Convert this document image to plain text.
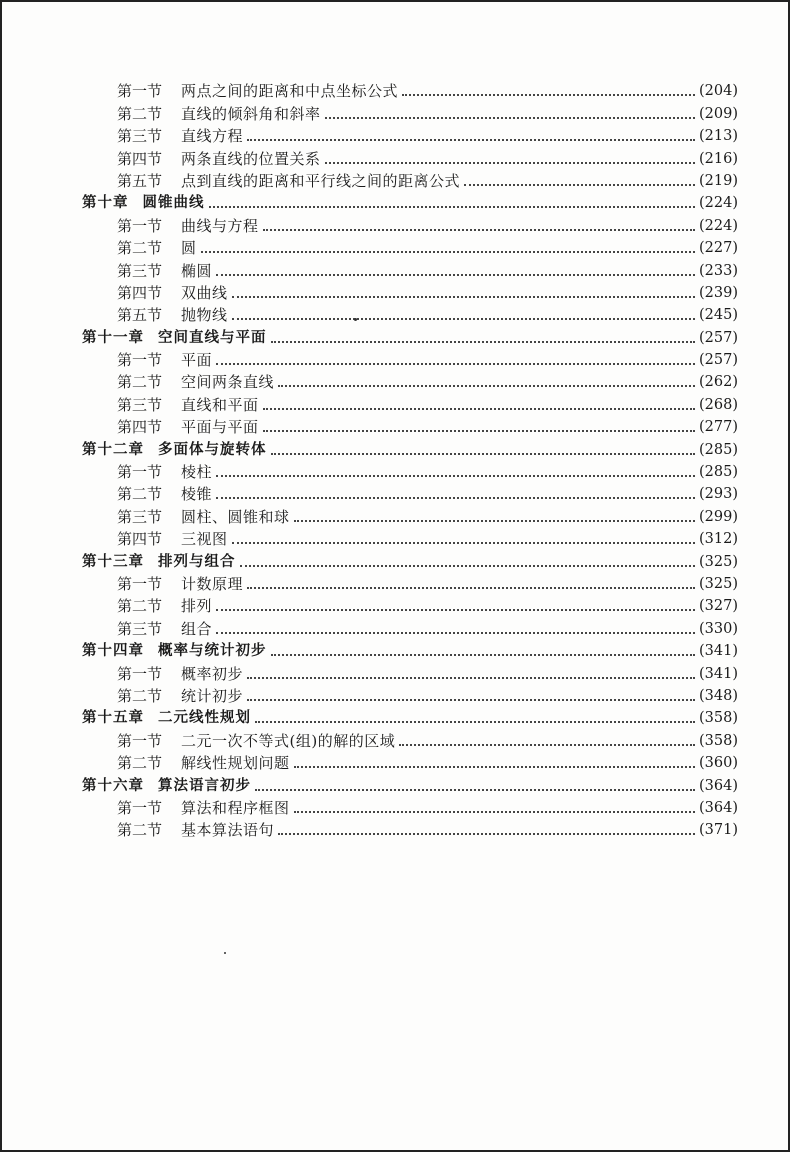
第一节	两点之间的距离和中点坐标公式	(204)
第二节	直线的倾斜角和斜率	(209)
第三节	直线方程	(213)
第四节	两条直线的位置关系	(216)
第五节	点到直线的距离和平行线之间的距离公式	(219)
第十章 圆锥曲线	(224)
第一节	曲线与方程	(224)
第二节	圆	(227)
第三节	椭圆	(233)
第四节	双曲线	(239)
第五节	抛物线	(245)
第十一章 空间直线与平面	(257)
第一节	平面	(257)
第二节	空间两条直线	(262)
第三节	直线和平面	(268)
第四节	平面与平面	(277)
第十二章 多面体与旋转体	(285)
第一节	棱柱	(285)
第二节	棱锥	(293)
第三节	圆柱、圆锥和球	(299)
第四节	三视图	(312)
第十三章 排列与组合	(325)
第一节	计数原理	(325)
第二节	排列	(327)
第三节	组合	(330)
第十四章 概率与统计初步	(341)
第一节	概率初步	(341)
第二节	统计初步	(348)
第十五章 二元线性规划	(358)
第一节	二元一次不等式(组)的解的区域	(358)
第二节	解线性规划问题	(360)
第十六章 算法语言初步	(364)
第一节	算法和程序框图	(364)
第二节	基本算法语句	(371)
